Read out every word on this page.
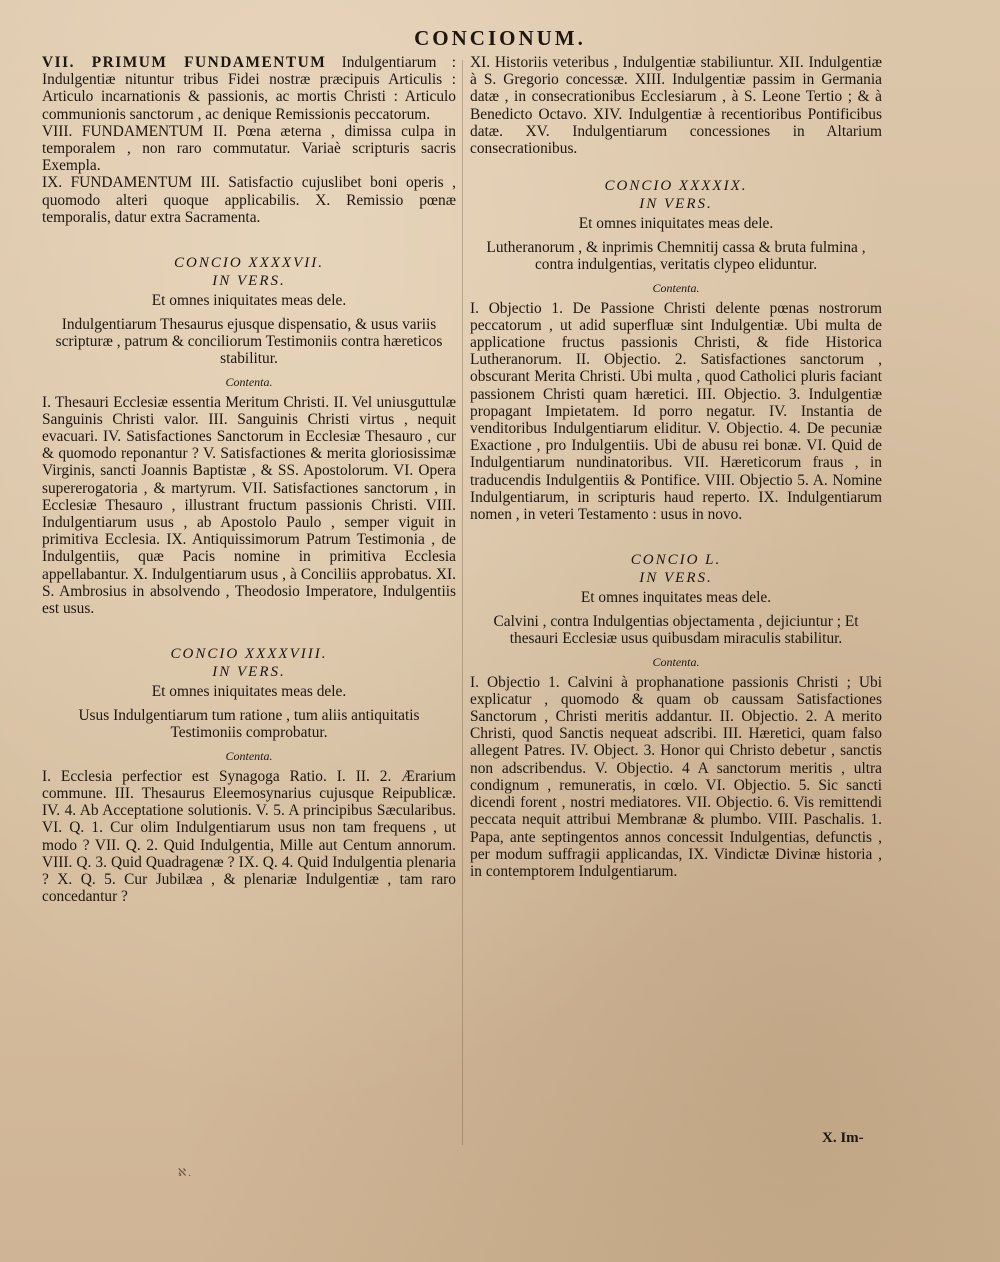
CONCIONUM.

VII. PRIMUM FUNDAMENTUM Indulgentiarum : Indulgentiæ nituntur tribus Fidei nostræ præcipuis Articulis : Articulo incarnationis & passionis, ac mortis Christi : Articulo communionis sanctorum , ac denique Remissionis peccatorum.

VIII. FUNDAMENTUM II. Pœna æterna , dimissa culpa in temporalem , non raro commutatur. Variaè scripturis sacris Exempla.

IX. FUNDAMENTUM III. Satisfactio cujuslibet boni operis , quomodo alteri quoque applicabilis. X. Remissio pœnæ temporalis, datur extra Sacramenta.

CONCIO XXXXVII.

IN VERS.

Et omnes iniquitates meas dele.

Indulgentiarum Thesaurus ejusque dispensatio, & usus variis scripturæ , patrum & conciliorum Testimoniis contra hæreticos stabilitur.

Contenta.

I. Thesauri Ecclesiæ essentia Meritum Christi. II. Vel uniusguttulæ Sanguinis Christi valor. III. Sanguinis Christi virtus , nequit evacuari. IV. Satisfactiones Sanctorum in Ecclesiæ Thesauro , cur & quomodo reponantur ? V. Satisfactiones & merita gloriosissimæ Virginis, sancti Joannis Baptistæ , & SS. Apostolorum. VI. Opera supererogatoria , & martyrum. VII. Satisfactiones sanctorum , in Ecclesiæ Thesauro , illustrant fructum passionis Christi. VIII. Indulgentiarum usus , ab Apostolo Paulo , semper viguit in primitiva Ecclesia. IX. Antiquissimorum Patrum Testimonia , de Indulgentiis, quæ Pacis nomine in primitiva Ecclesia appellabantur. X. Indulgentiarum usus , à Conciliis approbatus. XI. S. Ambrosius in absolvendo , Theodosio Imperatore, Indulgentiis est usus.

CONCIO XXXXVIII.

IN VERS.

Et omnes iniquitates meas dele.

Usus Indulgentiarum tum ratione , tum aliis antiquitatis Testimoniis comprobatur.

Contenta.

I. Ecclesia perfectior est Synagoga Ratio. I. II. 2. Ærarium commune. III. Thesaurus Eleemosynarius cujusque Reipublicæ. IV. 4. Ab Acceptatione solutionis. V. 5. A principibus Sæcularibus. VI. Q. 1. Cur olim Indulgentiarum usus non tam frequens , ut modo ? VII. Q. 2. Quid Indulgentia, Mille aut Centum annorum. VIII. Q. 3. Quid Quadragenæ ? IX. Q. 4. Quid Indulgentia plenaria ? X. Q. 5. Cur Jubilæa , & plenariæ Indulgentiæ , tam raro concedantur ?

XI. Historiis veteribus , Indulgentiæ stabiliuntur. XII. Indulgentiæ à S. Gregorio concessæ. XIII. Indulgentiæ passim in Germania datæ , in consecrationibus Ecclesiarum , à S. Leone Tertio ; & à Benedicto Octavo. XIV. Indulgentiæ à recentioribus Pontificibus datæ. XV. Indulgentiarum concessiones in Altarium consecrationibus.

CONCIO XXXXIX.

IN VERS.

Et omnes iniquitates meas dele.

Lutheranorum , & inprimis Chemnitij cassa & bruta fulmina , contra indulgentias, veritatis clypeo eliduntur.

Contenta.

I. Objectio 1. De Passione Christi delente pœnas nostrorum peccatorum , ut adid superfluæ sint Indulgentiæ. Ubi multa de applicatione fructus passionis Christi, & fide Historica Lutheranorum. II. Objectio. 2. Satisfactiones sanctorum , obscurant Merita Christi. Ubi multa , quod Catholici pluris faciant passionem Christi quam hæretici. III. Objectio. 3. Indulgentiæ propagant Impietatem. Id porro negatur. IV. Instantia de venditoribus Indulgentiarum eliditur. V. Objectio. 4. De pecuniæ Exactione , pro Indulgentiis. Ubi de abusu rei bonæ. VI. Quid de Indulgentiarum nundinatoribus. VII. Hæreticorum fraus , in traducendis Indulgentiis & Pontifice. VIII. Objectio 5. A. Nomine Indulgentiarum, in scripturis haud reperto. IX. Indulgentiarum nomen , in veteri Testamento : usus in novo.

CONCIO L.

IN VERS.

Et omnes inquitates meas dele.

Calvini , contra Indulgentias objectamenta , dejiciuntur ; Et thesauri Ecclesiæ usus quibusdam miraculis stabilitur.

Contenta.

I. Objectio 1. Calvini à prophanatione passionis Christi ; Ubi explicatur , quomodo & quam ob caussam Satisfactiones Sanctorum , Christi meritis addantur. II. Objectio. 2. A merito Christi, quod Sanctis nequeat adscribi. III. Hæretici, quam falso allegent Patres. IV. Object. 3. Honor qui Christo debetur , sanctis non adscribendus. V. Objectio. 4 A sanctorum meritis , ultra condignum , remuneratis, in cœlo. VI. Objectio. 5. Sic sancti dicendi forent , nostri mediatores. VII. Objectio. 6. Vis remittendi peccata nequit attribui Membranæ & plumbo. VIII. Paschalis. 1. Papa, ante septingentos annos concessit Indulgentias, defunctis , per modum suffragii applicandas, IX. Vindictæ Divinæ historia , in contemptorem Indulgentiarum.

X. Im-
ℵ.
